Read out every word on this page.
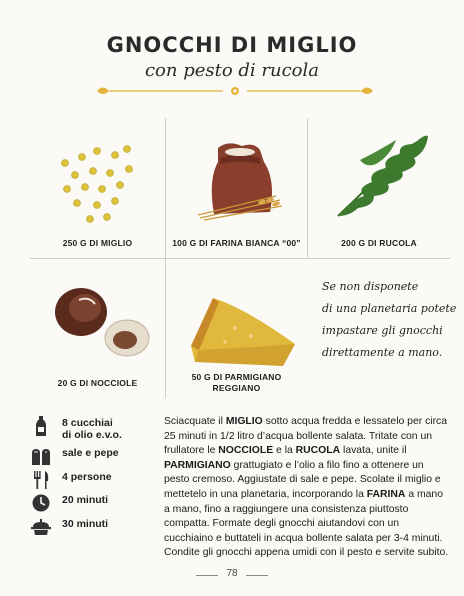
GNOCCHI DI MIGLIO
con pesto di rucola
250 G DI MIGLIO	100 G DI FARINA BIANCA “00”	200 G DI RUCOLA
20 G DI NOCCIOLE
50 G DI PARMIGIANO
REGGIANO
Se non disponete
di una planetaria potete
impastare gli gnocchi
direttamente a mano.
8 cucchiai
di olio e.v.o.
sale e pepe
4 persone
20 minuti
30 minuti
Sciacquate il MIGLIO sotto acqua fredda e lessatelo per circa 25 minuti in 1/2 litro d’acqua bollente salata. Tritate con un frullatore le NOCCIOLE e la RUCOLA lavata, unite il PARMIGIANO grattugiato e l’olio a filo fino a ottenere un pesto cremoso. Aggiustate di sale e pepe. Scolate il miglio e mettetelo in una planetaria, incorporando la FARINA a mano a mano, fino a raggiungere una consistenza piuttosto compatta. Formate degli gnocchi aiutandovi con un cucchiaino e buttateli in acqua bollente salata per 3-4 minuti. Condite gli gnocchi appena umidi con il pesto e servite subito.
78
